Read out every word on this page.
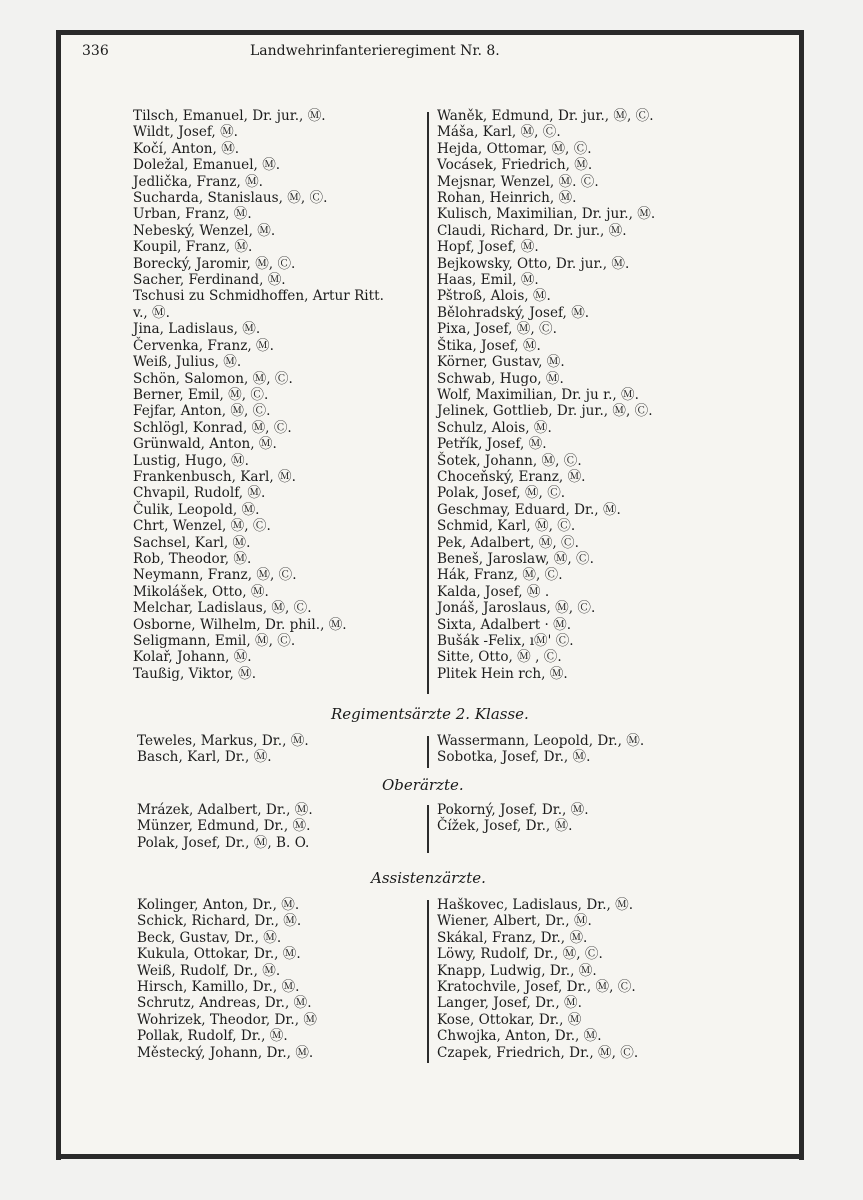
336	Landwehrinfanterieregiment Nr. 8.
Tilsch, Emanuel, Dr. jur., Ⓜ.
Wildt, Josef, Ⓜ.
Kočí, Anton, Ⓜ.
Doležal, Emanuel, Ⓜ.
Jedlička, Franz, Ⓜ.
Sucharda, Stanislaus, Ⓜ, Ⓒ.
Urban, Franz, Ⓜ.
Nebeský, Wenzel, Ⓜ.
Koupil, Franz, Ⓜ.
Borecký, Jaromir, Ⓜ, Ⓒ.
Sacher, Ferdinand, Ⓜ.
Tschusi zu Schmidhoffen, Artur Ritt.
v., Ⓜ.
Jina, Ladislaus, Ⓜ.
Červenka, Franz, Ⓜ.
Weiß, Julius, Ⓜ.
Schön, Salomon, Ⓜ, Ⓒ.
Berner, Emil, Ⓜ, Ⓒ.
Fejfar, Anton, Ⓜ, Ⓒ.
Schlögl, Konrad, Ⓜ, Ⓒ.
Grünwald, Anton, Ⓜ.
Lustig, Hugo, Ⓜ.
Frankenbusch, Karl, Ⓜ.
Chvapil, Rudolf, Ⓜ.
Čulik, Leopold, Ⓜ.
Chrt, Wenzel, Ⓜ, Ⓒ.
Sachsel, Karl, Ⓜ.
Rob, Theodor, Ⓜ.
Neymann, Franz, Ⓜ, Ⓒ.
Mikolášek, Otto, Ⓜ.
Melchar, Ladislaus, Ⓜ, Ⓒ.
Osborne, Wilhelm, Dr. phil., Ⓜ.
Seligmann, Emil, Ⓜ, Ⓒ.
Kolař, Johann, Ⓜ.
Taußig, Viktor, Ⓜ.
Waněk, Edmund, Dr. jur., Ⓜ, Ⓒ.
Máša, Karl, Ⓜ, Ⓒ.
Hejda, Ottomar, Ⓜ, Ⓒ.
Vocásek, Friedrich, Ⓜ.
Mejsnar, Wenzel, Ⓜ. Ⓒ.
Rohan, Heinrich, Ⓜ.
Kulisch, Maximilian, Dr. jur., Ⓜ.
Claudi, Richard, Dr. jur., Ⓜ.
Hopf, Josef, Ⓜ.
Bejkowsky, Otto, Dr. jur., Ⓜ.
Haas, Emil, Ⓜ.
Pštroß, Alois, Ⓜ.
Bělohradský, Josef, Ⓜ.
Pixa, Josef, Ⓜ, Ⓒ.
Štika, Josef, Ⓜ.
Körner, Gustav, Ⓜ.
Schwab, Hugo, Ⓜ.
Wolf, Maximilian, Dr. ju r., Ⓜ.
Jelinek, Gottlieb, Dr. jur., Ⓜ, Ⓒ.
Schulz, Alois, Ⓜ.
Petřík, Josef, Ⓜ.
Šotek, Johann, Ⓜ, Ⓒ.
Choceňský, Eranz, Ⓜ.
Polak, Josef, Ⓜ, Ⓒ.
Geschmay, Eduard, Dr., Ⓜ.
Schmid, Karl, Ⓜ, Ⓒ.
Pek, Adalbert, Ⓜ, Ⓒ.
Beneš, Jaroslaw, Ⓜ, Ⓒ.
Hák, Franz, Ⓜ, Ⓒ.
Kalda, Josef, Ⓜ .
Jonáš, Jaroslaus, Ⓜ, Ⓒ.
Sixta, Adalbert · Ⓜ.
Bušák -Felix, ıⓂ' Ⓒ.
Sitte, Otto, Ⓜ , Ⓒ.
Plitek Hein rch, Ⓜ.
Regimentsärzte 2. Klasse.
Teweles, Markus, Dr., Ⓜ.
Basch, Karl, Dr., Ⓜ.
Wassermann, Leopold, Dr., Ⓜ.
Sobotka, Josef, Dr., Ⓜ.
Oberärzte.
Mrázek, Adalbert, Dr., Ⓜ.
Münzer, Edmund, Dr., Ⓜ.
Polak, Josef, Dr., Ⓜ, B. O.
Pokorný, Josef, Dr., Ⓜ.
Čížek, Josef, Dr., Ⓜ.
Assistenzärzte.
Kolinger, Anton, Dr., Ⓜ.
Schick, Richard, Dr., Ⓜ.
Beck, Gustav, Dr., Ⓜ.
Kukula, Ottokar, Dr., Ⓜ.
Weiß, Rudolf, Dr., Ⓜ.
Hirsch, Kamillo, Dr., Ⓜ.
Schrutz, Andreas, Dr., Ⓜ.
Wohrizek, Theodor, Dr., Ⓜ
Pollak, Rudolf, Dr., Ⓜ.
Městecký, Johann, Dr., Ⓜ.
Haškovec, Ladislaus, Dr., Ⓜ.
Wiener, Albert, Dr., Ⓜ.
Skákal, Franz, Dr., Ⓜ.
Löwy, Rudolf, Dr., Ⓜ, Ⓒ.
Knapp, Ludwig, Dr., Ⓜ.
Kratochvile, Josef, Dr., Ⓜ, Ⓒ.
Langer, Josef, Dr., Ⓜ.
Kose, Ottokar, Dr., Ⓜ
Chwojka, Anton, Dr., Ⓜ.
Czapek, Friedrich, Dr., Ⓜ, Ⓒ.
